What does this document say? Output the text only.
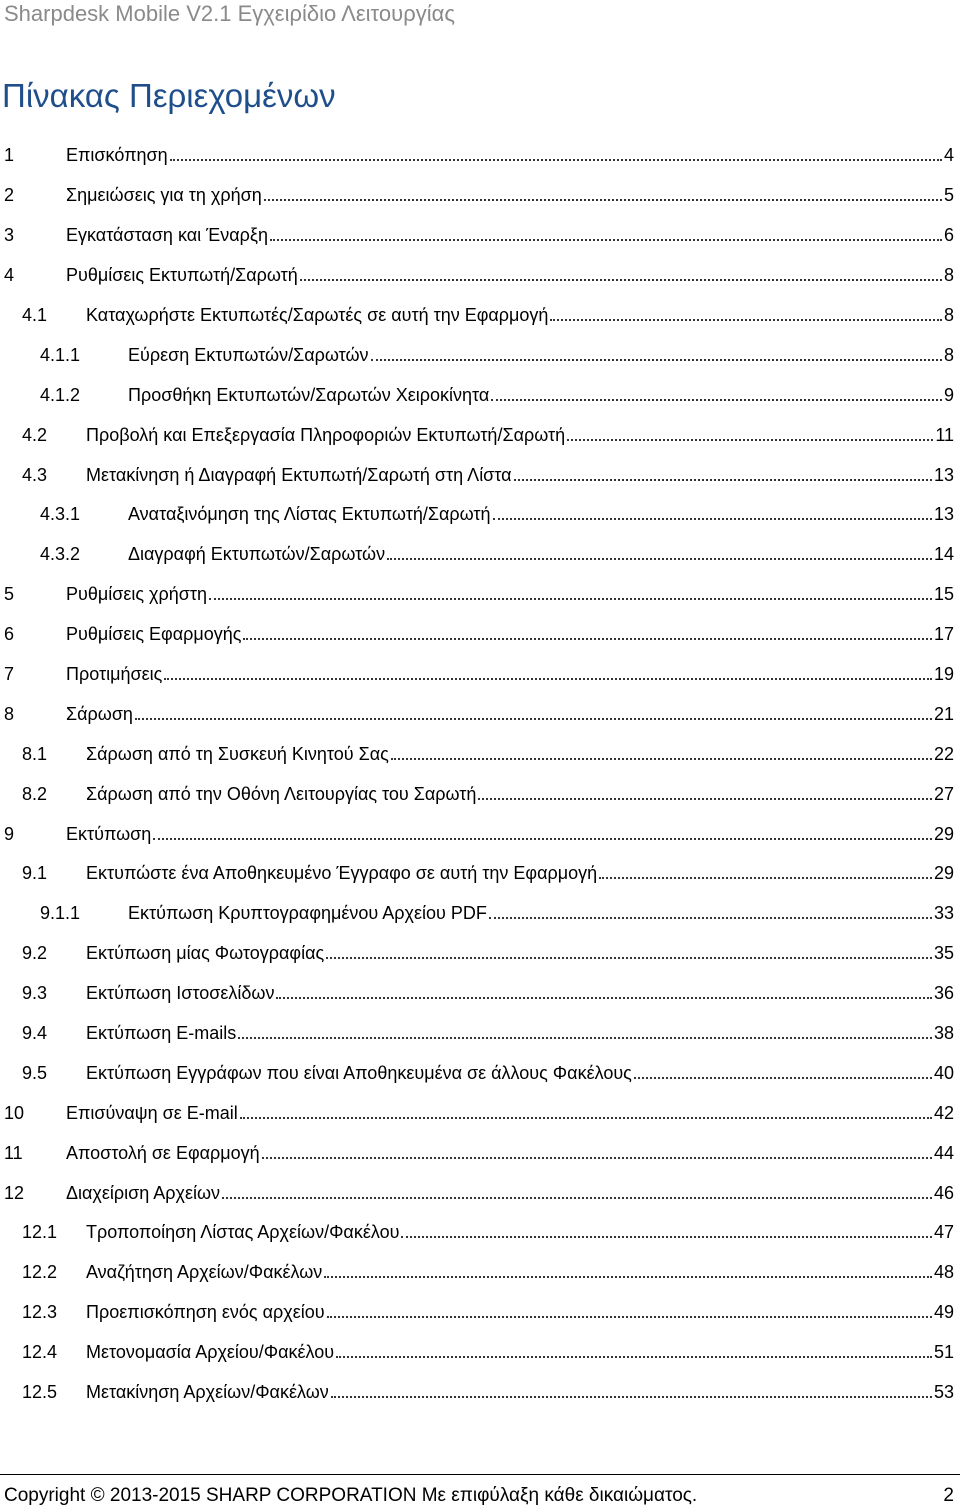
Sharpdesk Mobile V2.1 Εγχειρίδιο Λειτουργίας
Πίνακας Περιεχομένων
1	Επισκόπηση	4
2	Σημειώσεις για τη χρήση	5
3	Εγκατάσταση και Έναρξη	6
4	Ρυθμίσεις Εκτυπωτή/Σαρωτή	8
4.1 Καταχωρήστε Εκτυπωτές/Σαρωτές σε αυτή την Εφαρμογή	8
4.1.1	Εύρεση Εκτυπωτών/Σαρωτών	8
4.1.2	Προσθήκη Εκτυπωτών/Σαρωτών Χειροκίνητα	9
4.2 Προβολή και Επεξεργασία Πληροφοριών Εκτυπωτή/Σαρωτή	11
4.3 Μετακίνηση ή Διαγραφή Εκτυπωτή/Σαρωτή στη Λίστα	13
4.3.1	Αναταξινόμηση της Λίστας Εκτυπωτή/Σαρωτή	13
4.3.2	Διαγραφή Εκτυπωτών/Σαρωτών	14
5	Ρυθμίσεις χρήστη	15
6	Ρυθμίσεις Εφαρμογής	17
7	Προτιμήσεις	19
8	Σάρωση	21
8.1 Σάρωση από τη Συσκευή Κινητού Σας	22
8.2 Σάρωση από την Οθόνη Λειτουργίας του Σαρωτή	27
9	Εκτύπωση	29
9.1 Εκτυπώστε ένα Αποθηκευμένο Έγγραφο σε αυτή την Εφαρμογή	29
9.1.1	Εκτύπωση Κρυπτογραφημένου Αρχείου PDF	33
9.2 Εκτύπωση μίας Φωτογραφίας	35
9.3 Εκτύπωση Ιστοσελίδων	36
9.4 Εκτύπωση E-mails	38
9.5 Εκτύπωση Εγγράφων που είναι Αποθηκευμένα σε άλλους Φακέλους	40
10 Επισύναψη σε E-mail	42
11 Αποστολή σε Εφαρμογή	44
12 Διαχείριση Αρχείων	46
12.1 Τροποποίηση Λίστας Αρχείων/Φακέλου	47
12.2 Αναζήτηση Αρχείων/Φακέλων	48
12.3 Προεπισκόπηση ενός αρχείου	49
12.4 Μετονομασία Αρχείου/Φακέλου	51
12.5 Μετακίνηση Αρχείων/Φακέλων	53
Copyright © 2013-2015 SHARP CORPORATION Με επιφύλαξη κάθε δικαιώματος.	2
